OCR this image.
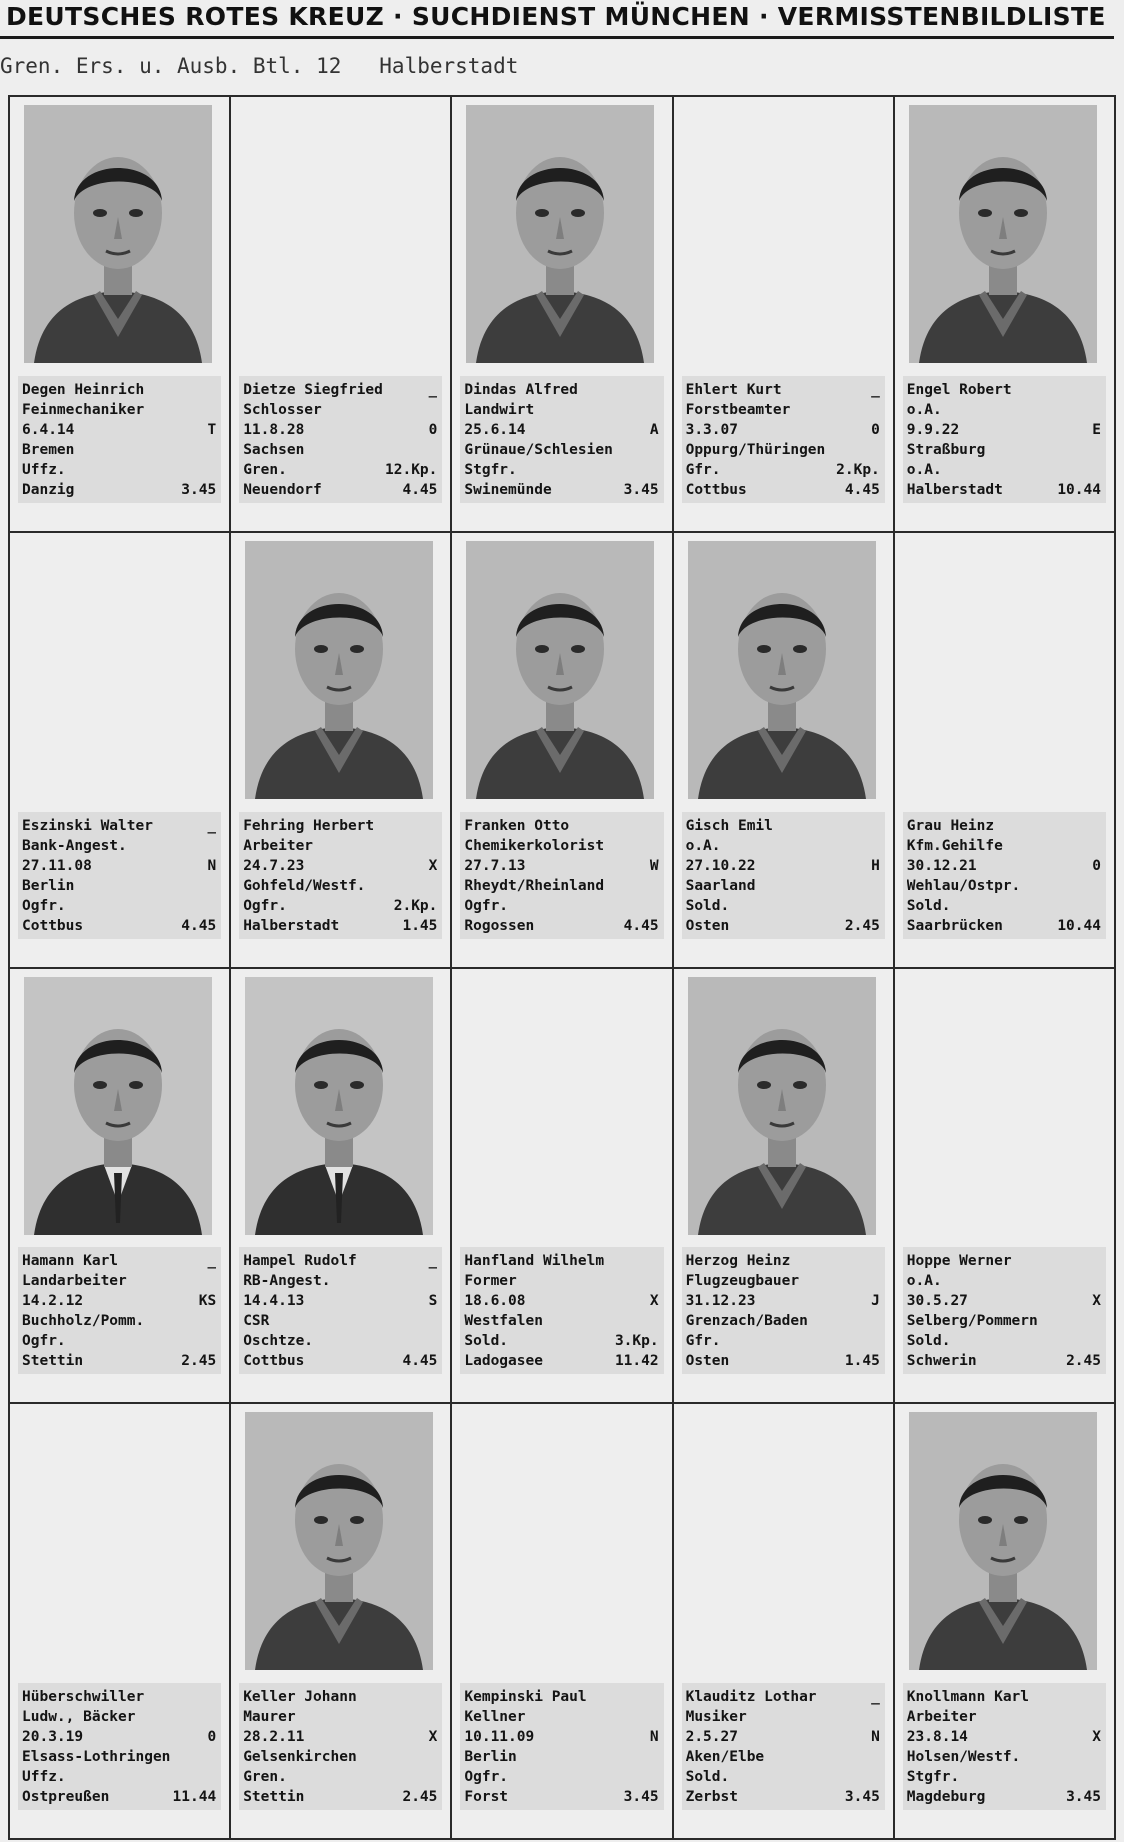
DEUTSCHES ROTES KREUZ · SUCHDIENST MÜNCHEN · VERMISSTENBILDLISTE
Gren. Ers. u. Ausb. Btl. 12   Halberstadt
Degen Heinrich
Feinmechaniker
6.4.14	T
Bremen
Uffz.
Danzig	3.45
Dietze Siegfried	_
Schlosser
11.8.28	0
Sachsen
Gren.	12.Kp.
Neuendorf	4.45
Dindas Alfred
Landwirt
25.6.14	A
Grünaue/Schlesien
Stgfr.
Swinemünde	3.45
Ehlert Kurt	_
Forstbeamter
3.3.07	0
Oppurg/Thüringen
Gfr.	2.Kp.
Cottbus	4.45
Engel Robert
o.A.
9.9.22	E
Straßburg
o.A.
Halberstadt	10.44
Eszinski Walter	_
Bank-Angest.
27.11.08	N
Berlin
Ogfr.
Cottbus	4.45
Fehring Herbert
Arbeiter
24.7.23	X
Gohfeld/Westf.
Ogfr.	2.Kp.
Halberstadt	1.45
Franken Otto
Chemikerkolorist
27.7.13	W
Rheydt/Rheinland
Ogfr.
Rogossen	4.45
Gisch Emil
o.A.
27.10.22	H
Saarland
Sold.
Osten	2.45
Grau Heinz
Kfm.Gehilfe
30.12.21	0
Wehlau/Ostpr.
Sold.
Saarbrücken	10.44
Hamann Karl	_
Landarbeiter
14.2.12	KS
Buchholz/Pomm.
Ogfr.
Stettin	2.45
Hampel Rudolf	_
RB-Angest.
14.4.13	S
CSR
Oschtze.
Cottbus	4.45
Hanfland Wilhelm
Former
18.6.08	X
Westfalen
Sold.	3.Kp.
Ladogasee	11.42
Herzog Heinz
Flugzeugbauer
31.12.23	J
Grenzach/Baden
Gfr.
Osten	1.45
Hoppe Werner
o.A.
30.5.27	X
Selberg/Pommern
Sold.
Schwerin	2.45
Hüberschwiller
Ludw., Bäcker
20.3.19	0
Elsass-Lothringen
Uffz.
Ostpreußen	11.44
Keller Johann
Maurer
28.2.11	X
Gelsenkirchen
Gren.
Stettin	2.45
Kempinski Paul
Kellner
10.11.09	N
Berlin
Ogfr.
Forst	3.45
Klauditz Lothar	_
Musiker
2.5.27	N
Aken/Elbe
Sold.
Zerbst	3.45
Knollmann Karl
Arbeiter
23.8.14	X
Holsen/Westf.
Stgfr.
Magdeburg	3.45
